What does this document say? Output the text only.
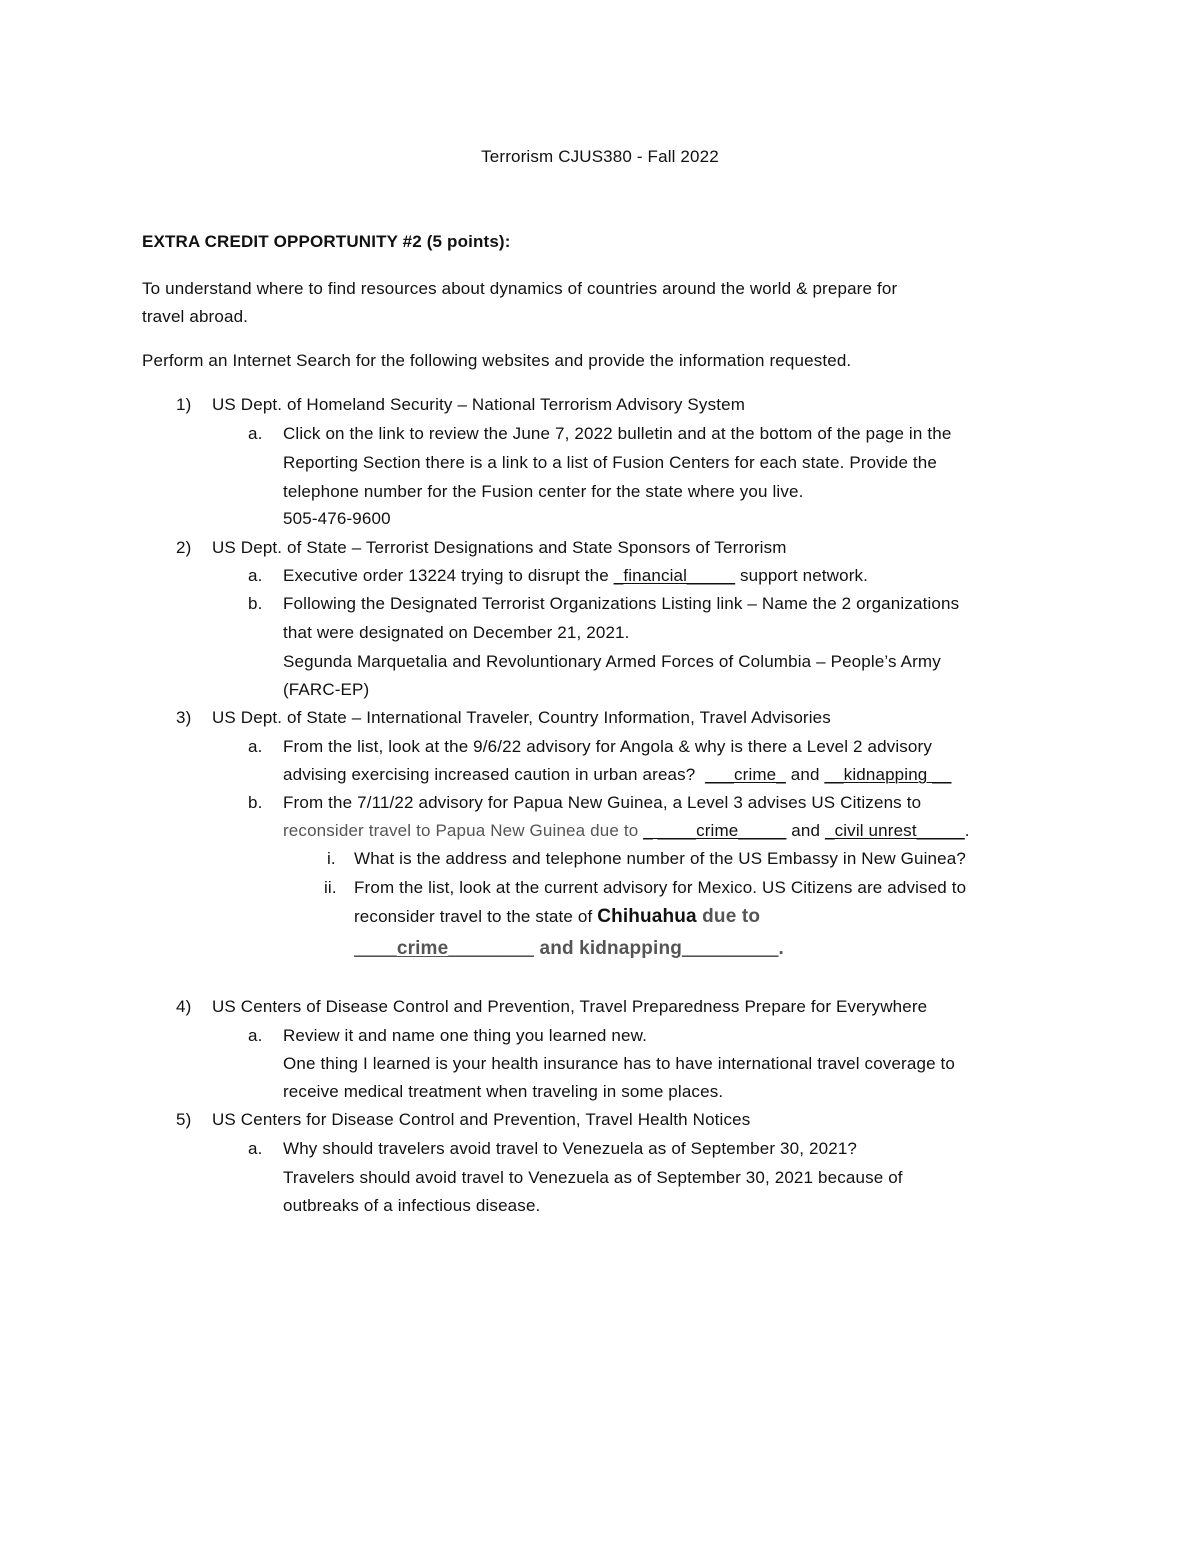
Terrorism CJUS380 - Fall 2022
EXTRA CREDIT OPPORTUNITY #2 (5 points):
To understand where to find resources about dynamics of countries around the world & prepare for
travel abroad.
Perform an Internet Search for the following websites and provide the information requested.
1) US Dept. of Homeland Security – National Terrorism Advisory System
a. Click on the link to review the June 7, 2022 bulletin and at the bottom of the page in the
Reporting Section there is a link to a list of Fusion Centers for each state. Provide the
telephone number for the Fusion center for the state where you live.
505-476-9600
2) US Dept. of State – Terrorist Designations and State Sponsors of Terrorism
a. Executive order 13224 trying to disrupt the _financial_____ support network.
b. Following the Designated Terrorist Organizations Listing link – Name the 2 organizations
that were designated on December 21, 2021.
Segunda Marquetalia and Revoluntionary Armed Forces of Columbia – People’s Army
(FARC-EP)
3) US Dept. of State – International Traveler, Country Information, Travel Advisories
a. From the list, look at the 9/6/22 advisory for Angola & why is there a Level 2 advisory
advising exercising increased caution in urban areas?  ___crime_ and __kidnapping __
b. From the 7/11/22 advisory for Papua New Guinea, a Level 3 advises US Citizens to
reconsider travel to Papua New Guinea due to _ ____crime_____ and _civil unrest_____.
i. What is the address and telephone number of the US Embassy in New Guinea?
ii. From the list, look at the current advisory for Mexico. US Citizens are advised to
reconsider travel to the state of Chihuahua due to
____crime________ and kidnapping_________.
4) US Centers of Disease Control and Prevention, Travel Preparedness Prepare for Everywhere
a. Review it and name one thing you learned new.
One thing I learned is your health insurance has to have international travel coverage to
receive medical treatment when traveling in some places.
5) US Centers for Disease Control and Prevention, Travel Health Notices
a. Why should travelers avoid travel to Venezuela as of September 30, 2021?
Travelers should avoid travel to Venezuela as of September 30, 2021 because of
outbreaks of a infectious disease.
